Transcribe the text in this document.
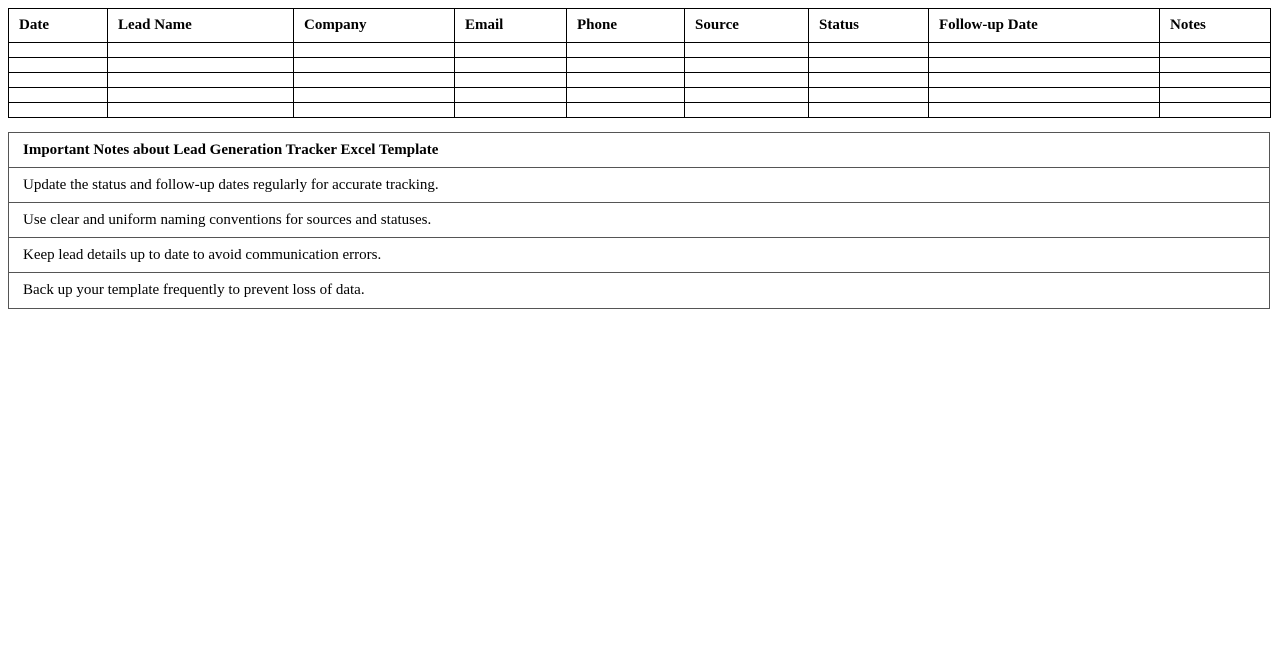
Date	Lead Name	Company	Email	Phone	Source	Status	Follow-up Date	Notes

Important Notes about Lead Generation Tracker Excel Template
Update the status and follow-up dates regularly for accurate tracking.
Use clear and uniform naming conventions for sources and statuses.
Keep lead details up to date to avoid communication errors.
Back up your template frequently to prevent loss of data.
